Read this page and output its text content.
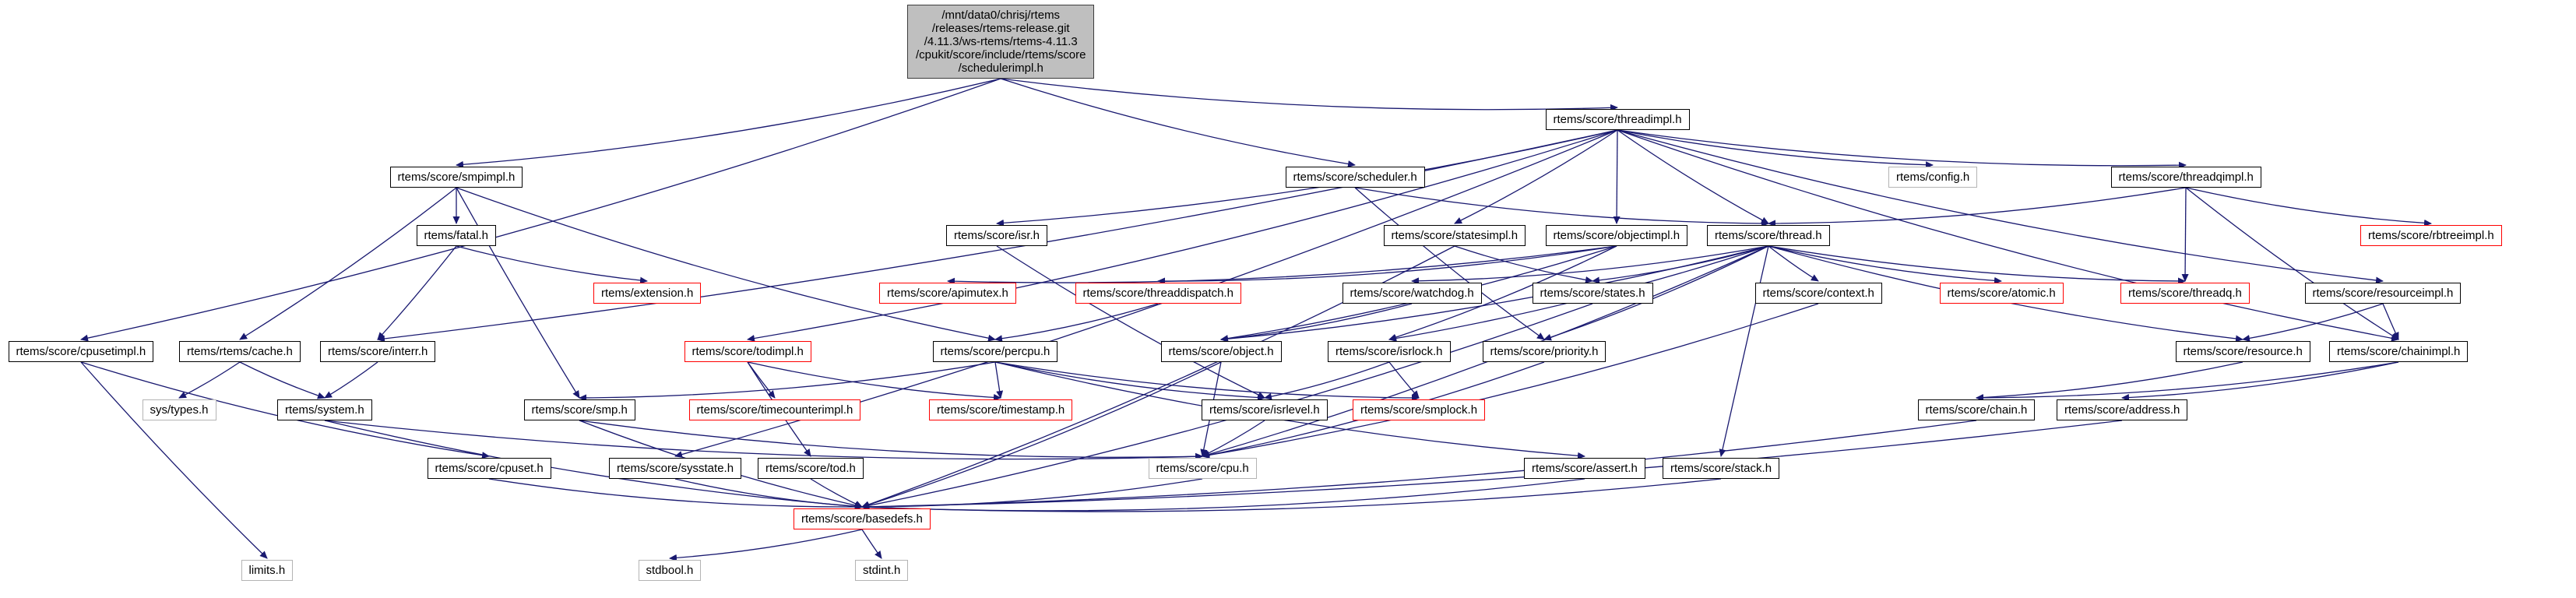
/mnt/data0/chrisj/rtems
/releases/rtems-release.git
/4.11.3/ws-rtems/rtems-4.11.3
/cpukit/score/include/rtems/score
/schedulerimpl.h
rtems/score/threadimpl.h
rtems/score/smpimpl.h	rtems/score/scheduler.h	rtems/config.h	rtems/score/threadqimpl.h
rtems/fatal.h	rtems/score/isr.h	rtems/score/statesimpl.h	rtems/score/objectimpl.h	rtems/score/thread.h	rtems/score/rbtreeimpl.h
rtems/extension.h	rtems/score/apimutex.h	rtems/score/threaddispatch.h	rtems/score/watchdog.h	rtems/score/states.h	rtems/score/context.h	rtems/score/atomic.h	rtems/score/threadq.h	rtems/score/resourceimpl.h
rtems/score/cpusetimpl.h	rtems/rtems/cache.h	rtems/score/interr.h	rtems/score/todimpl.h	rtems/score/percpu.h	rtems/score/object.h	rtems/score/isrlock.h	rtems/score/priority.h	rtems/score/resource.h	rtems/score/chainimpl.h
sys/types.h	rtems/system.h	rtems/score/smp.h	rtems/score/timecounterimpl.h	rtems/score/timestamp.h	rtems/score/isrlevel.h	rtems/score/smplock.h	rtems/score/chain.h	rtems/score/address.h
rtems/score/cpuset.h	rtems/score/sysstate.h	rtems/score/tod.h	rtems/score/cpu.h	rtems/score/assert.h	rtems/score/stack.h
rtems/score/basedefs.h
limits.h	stdbool.h	stdint.h
